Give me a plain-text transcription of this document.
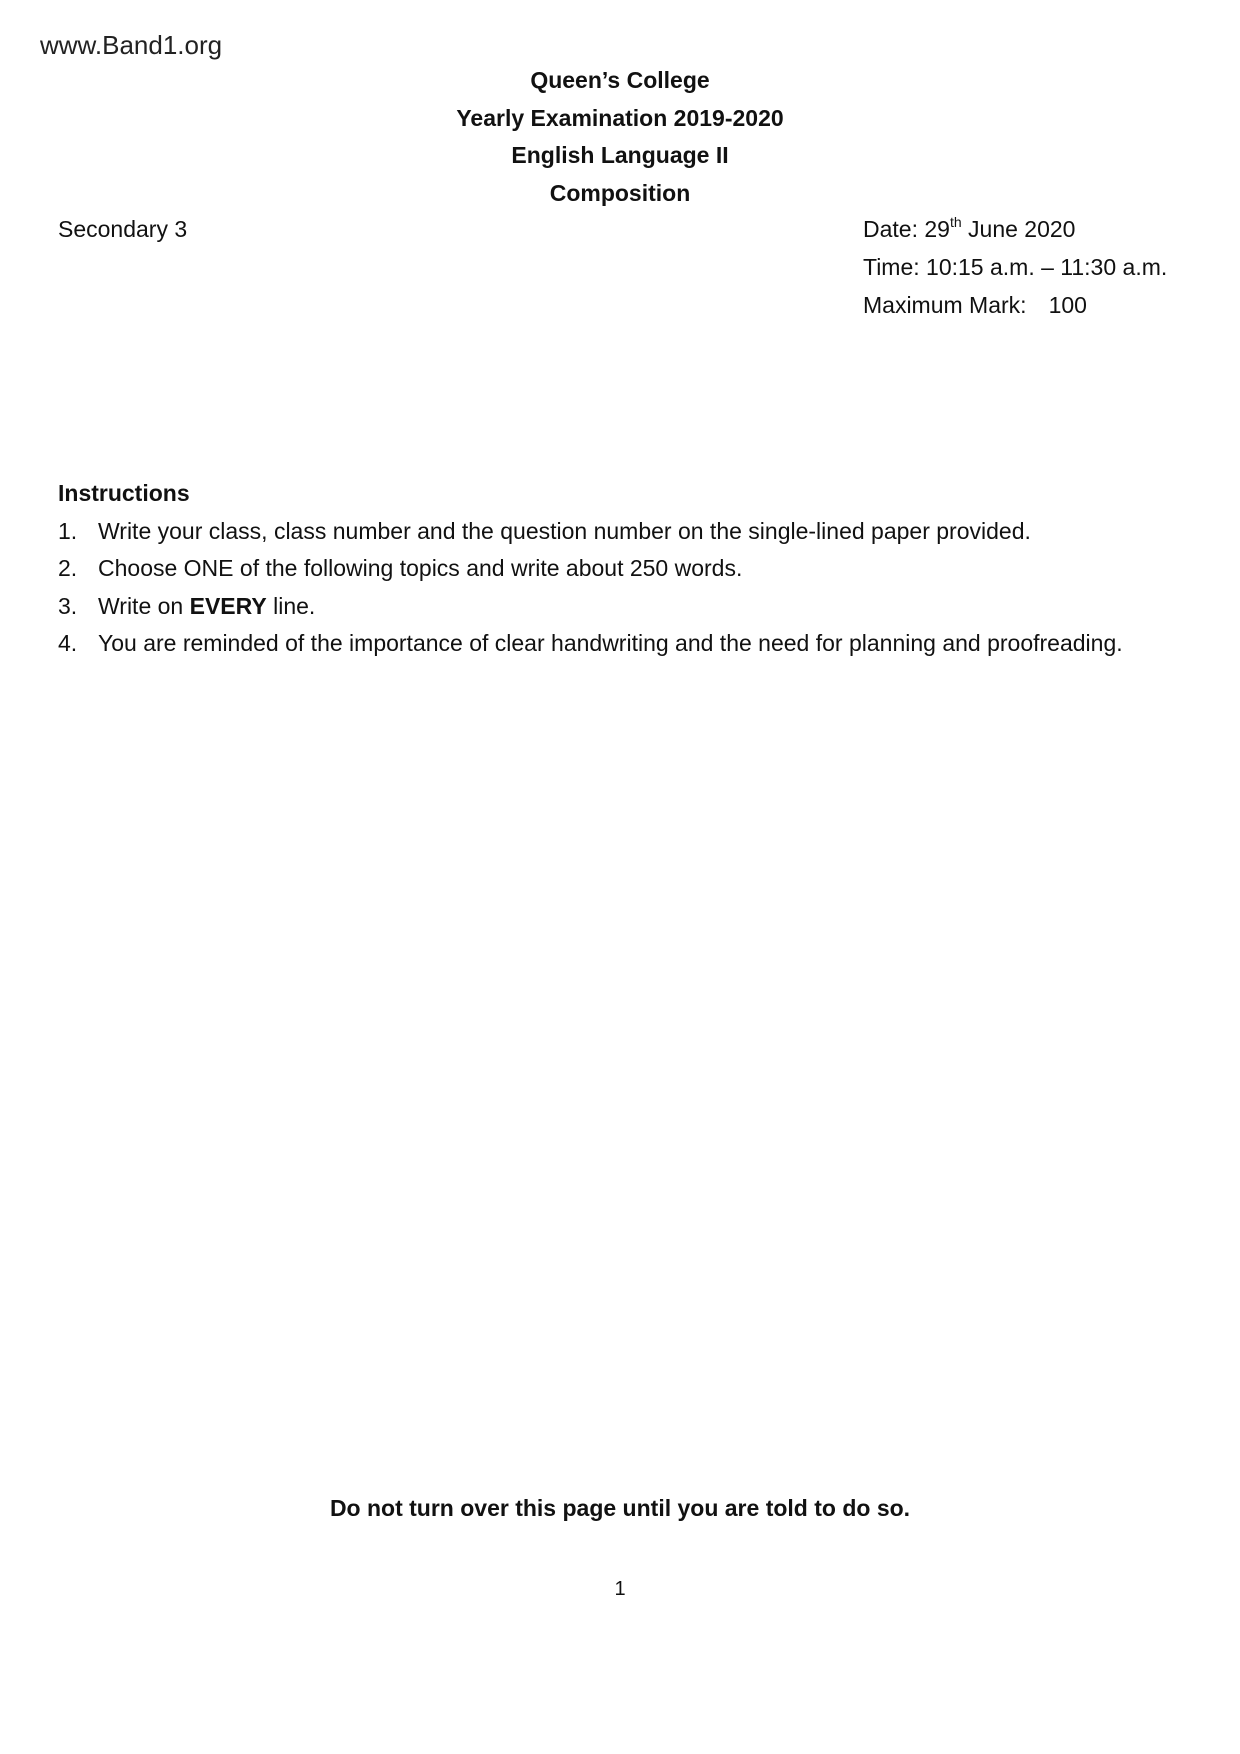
www.Band1.org
Queen’s College
Yearly Examination 2019-2020
English Language II
Composition
Secondary 3	Date: 29th June 2020
Time: 10:15 a.m. – 11:30 a.m.
Maximum Mark: 100
Instructions
1. Write your class, class number and the question number on the single-lined paper provided.
2. Choose ONE of the following topics and write about 250 words.
3. Write on EVERY line.
4. You are reminded of the importance of clear handwriting and the need for planning and proofreading.
Do not turn over this page until you are told to do so.
1
